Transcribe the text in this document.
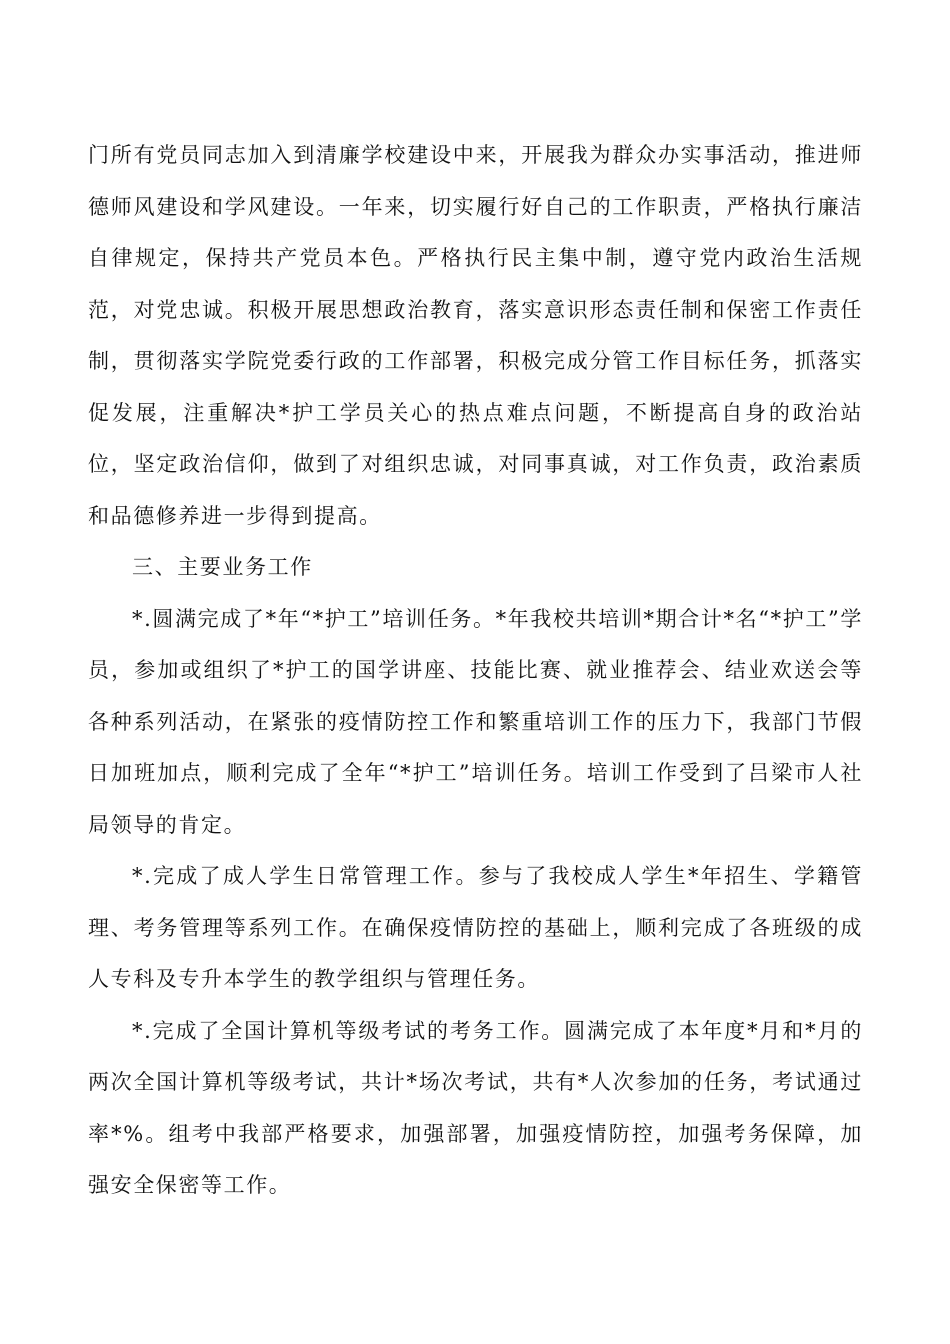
门所有党员同志加入到清廉学校建设中来，开展我为群众办实事活动，推进师德师风建设和学风建设。一年来，切实履行好自己的工作职责，严格执行廉洁自律规定，保持共产党员本色。严格执行民主集中制，遵守党内政治生活规范，对党忠诚。积极开展思想政治教育，落实意识形态责任制和保密工作责任制，贯彻落实学院党委行政的工作部署，积极完成分管工作目标任务，抓落实促发展，注重解决*护工学员关心的热点难点问题，不断提高自身的政治站位，坚定政治信仰，做到了对组织忠诚，对同事真诚，对工作负责，政治素质和品德修养进一步得到提高。

三、主要业务工作

*.圆满完成了*年“*护工”培训任务。*年我校共培训*期合计*名“*护工”学员，参加或组织了*护工的国学讲座、技能比赛、就业推荐会、结业欢送会等各种系列活动，在紧张的疫情防控工作和繁重培训工作的压力下，我部门节假日加班加点，顺利完成了全年“*护工”培训任务。培训工作受到了吕梁市人社局领导的肯定。

*.完成了成人学生日常管理工作。参与了我校成人学生*年招生、学籍管理、考务管理等系列工作。在确保疫情防控的基础上，顺利完成了各班级的成人专科及专升本学生的教学组织与管理任务。

*.完成了全国计算机等级考试的考务工作。圆满完成了本年度*月和*月的两次全国计算机等级考试，共计*场次考试，共有*人次参加的任务，考试通过率*%。组考中我部严格要求，加强部署，加强疫情防控，加强考务保障，加强安全保密等工作。
